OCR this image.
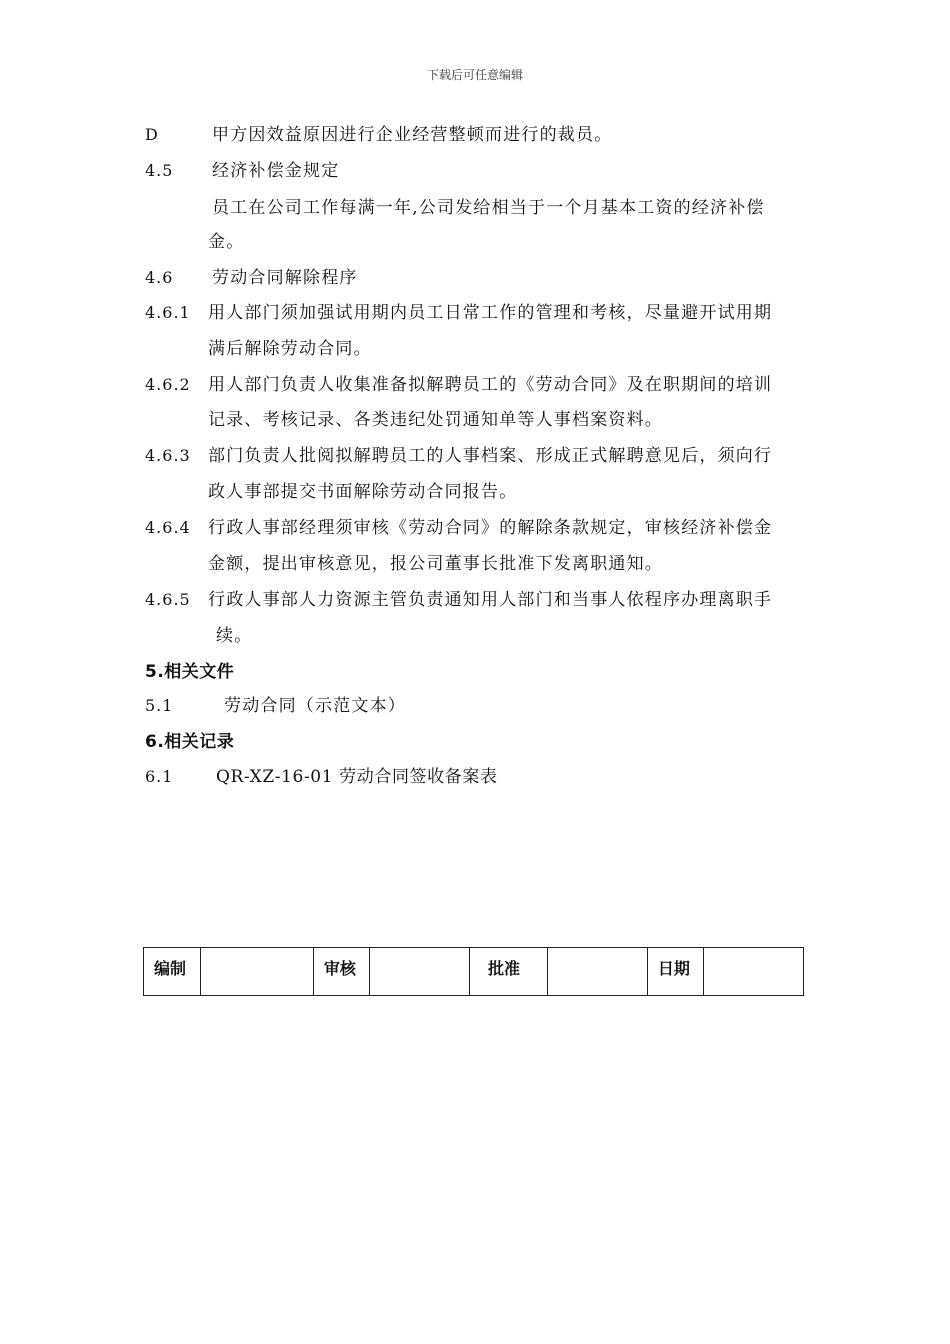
下载后可任意编辑
D	甲方因效益原因进行企业经营整顿而进行的裁员。
4.5 经济补偿金规定
员工在公司工作每满一年,公司发给相当于一个月基本工资的经济补偿
金。
4.6 劳动合同解除程序
4.6.1 用人部门须加强试用期内员工日常工作的管理和考核，尽量避开试用期
满后解除劳动合同。
4.6.2 用人部门负责人收集准备拟解聘员工的《劳动合同》及在职期间的培训
记录、考核记录、各类违纪处罚通知单等人事档案资料。
4.6.3 部门负责人批阅拟解聘员工的人事档案、形成正式解聘意见后，须向行
政人事部提交书面解除劳动合同报告。
4.6.4 行政人事部经理须审核《劳动合同》的解除条款规定，审核经济补偿金
金额，提出审核意见，报公司董事长批准下发离职通知。
4.6.5 行政人事部人力资源主管负责通知用人部门和当事人依程序办理离职手
续。
5.相关文件
5.1	劳动合同（示范文本）
6.相关记录
6.1	QR-XZ-16-01 劳动合同签收备案表
编制		审核		批准		日期	
